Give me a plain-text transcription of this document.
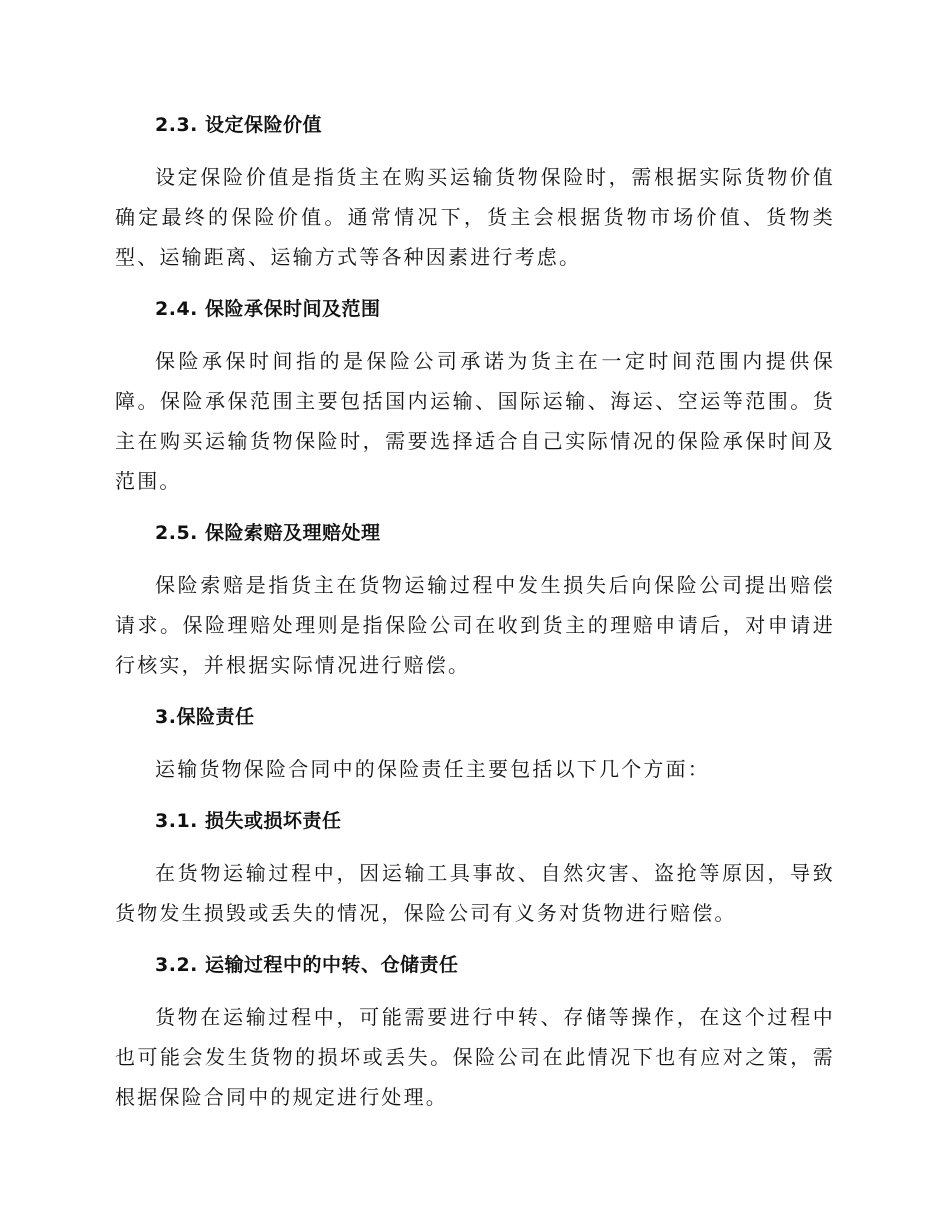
2.3. 设定保险价值

设定保险价值是指货主在购买运输货物保险时，需根据实际货物价值确定最终的保险价值。通常情况下，货主会根据货物市场价值、货物类型、运输距离、运输方式等各种因素进行考虑。

2.4. 保险承保时间及范围

保险承保时间指的是保险公司承诺为货主在一定时间范围内提供保障。保险承保范围主要包括国内运输、国际运输、海运、空运等范围。货主在购买运输货物保险时，需要选择适合自己实际情况的保险承保时间及范围。

2.5. 保险索赔及理赔处理

保险索赔是指货主在货物运输过程中发生损失后向保险公司提出赔偿请求。保险理赔处理则是指保险公司在收到货主的理赔申请后，对申请进行核实，并根据实际情况进行赔偿。

3.保险责任

运输货物保险合同中的保险责任主要包括以下几个方面：

3.1. 损失或损坏责任

在货物运输过程中，因运输工具事故、自然灾害、盗抢等原因，导致货物发生损毁或丢失的情况，保险公司有义务对货物进行赔偿。

3.2. 运输过程中的中转、仓储责任

货物在运输过程中，可能需要进行中转、存储等操作，在这个过程中也可能会发生货物的损坏或丢失。保险公司在此情况下也有应对之策，需根据保险合同中的规定进行处理。
